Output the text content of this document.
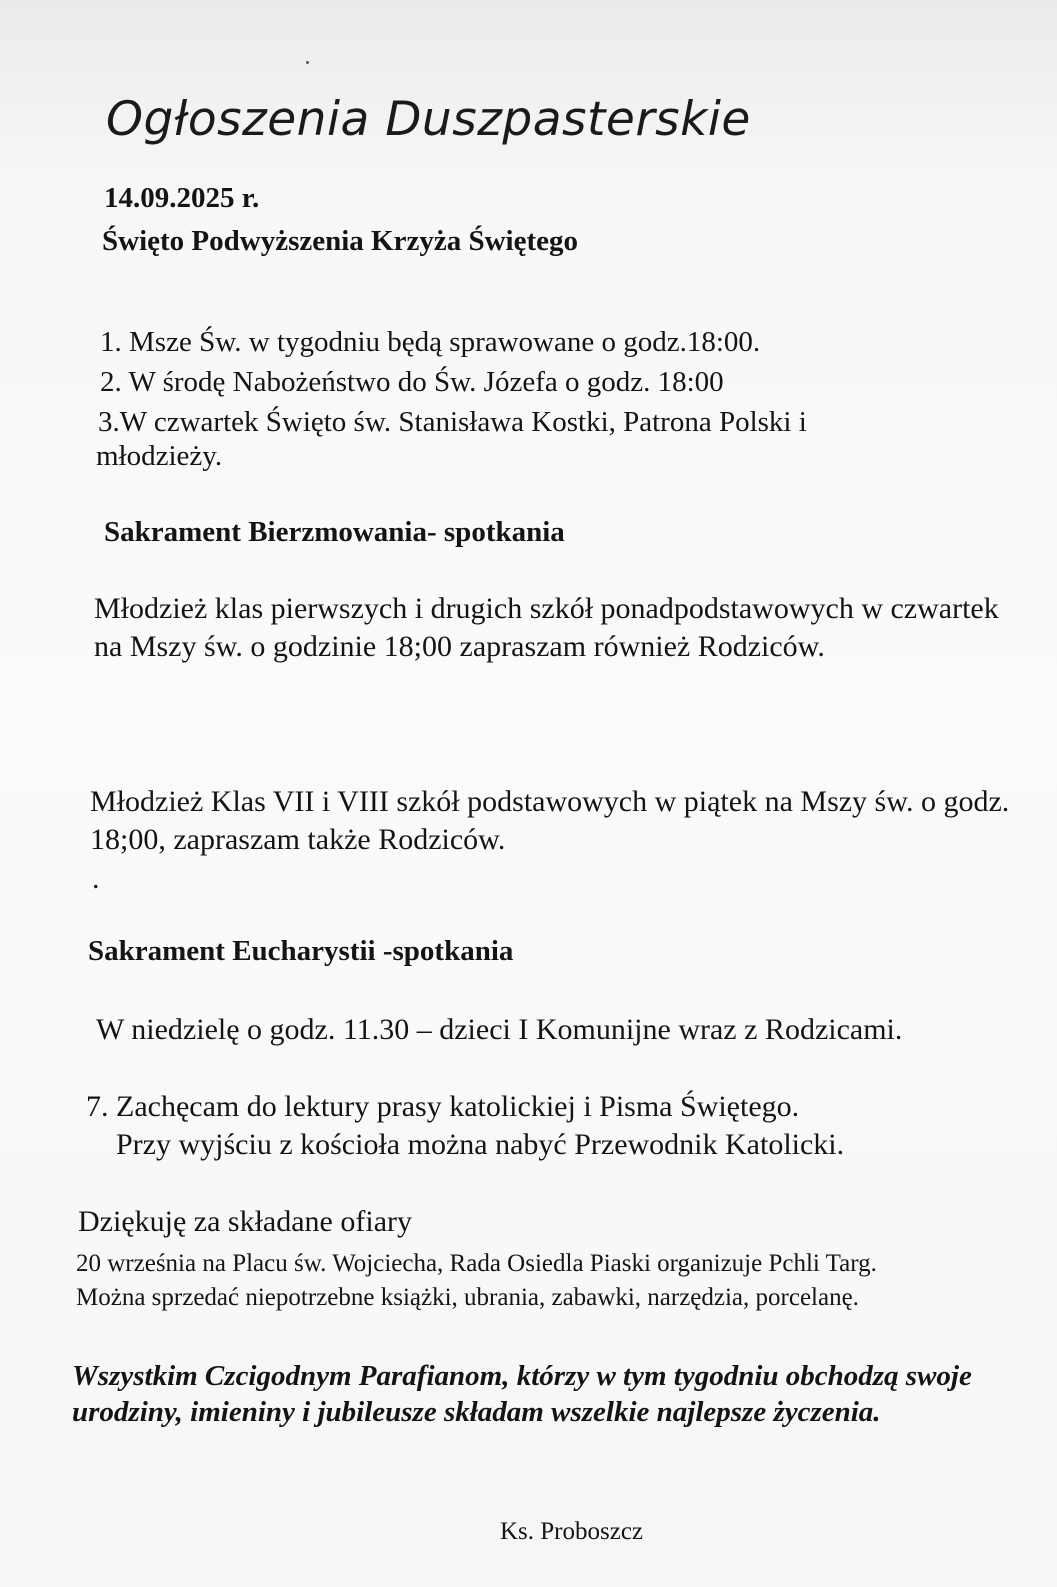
Ogłoszenia Duszpasterskie
14.09.2025 r.
Święto Podwyższenia Krzyża Świętego
1. Msze Św. w tygodniu będą sprawowane o godz.18:00.
2. W środę Nabożeństwo do Św. Józefa o godz. 18:00
3.W czwartek Święto św. Stanisława Kostki, Patrona Polski i
młodzieży.
Sakrament Bierzmowania- spotkania

Młodzież klas pierwszych i drugich szkół ponadpodstawowych w czwartek na Mszy św. o godzinie 18;00 zapraszam również Rodziców.

Młodzież Klas VII i VIII szkół podstawowych w piątek na Mszy św. o godz. 18;00, zapraszam także Rodziców.

.
Sakrament Eucharystii -spotkania
W niedzielę o godz. 11.30 – dzieci I Komunijne wraz z Rodzicami.
7. Zachęcam do lektury prasy katolickiej i Pisma Świętego.
Przy wyjściu z kościoła można nabyć Przewodnik Katolicki.
Dziękuję za składane ofiary
20 września na Placu św. Wojciecha, Rada Osiedla Piaski organizuje Pchli Targ.
Można sprzedać niepotrzebne książki, ubrania, zabawki, narzędzia, porcelanę.

Wszystkim Czcigodnym Parafianom, którzy w tym tygodniu obchodzą swoje urodziny, imieniny i jubileusze składam wszelkie najlepsze życzenia.

Ks. Proboszcz
